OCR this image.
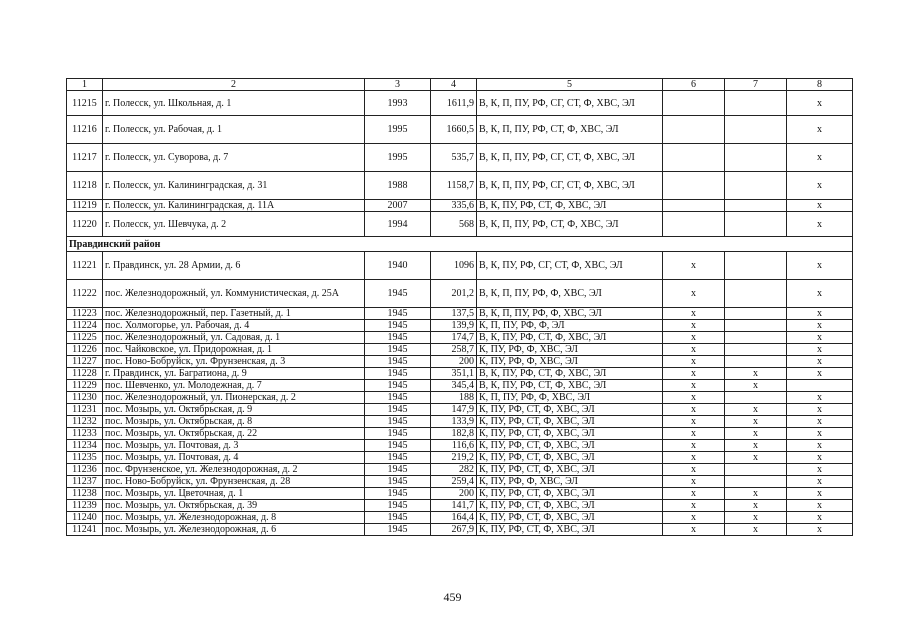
1	2	3	4	5	6	7	8
11215	г. Полесск, ул. Школьная, д. 1	1993	1611,9	В, К, П, ПУ, РФ, СГ, СТ, Ф, ХВС, ЭЛ			x
11216	г. Полесск, ул. Рабочая, д. 1	1995	1660,5	В, К, П, ПУ, РФ, СТ, Ф, ХВС, ЭЛ			x
11217	г. Полесск, ул. Суворова, д. 7	1995	535,7	В, К, П, ПУ, РФ, СГ, СТ, Ф, ХВС, ЭЛ			x
11218	г. Полесск, ул. Калининградская, д. 31	1988	1158,7	В, К, П, ПУ, РФ, СГ, СТ, Ф, ХВС, ЭЛ			x
11219	г. Полесск, ул. Калининградская, д. 11А	2007	335,6	В, К, ПУ, РФ, СТ, Ф, ХВС, ЭЛ			x
11220	г. Полесск, ул. Шевчука, д. 2	1994	568	В, К, П, ПУ, РФ, СТ, Ф, ХВС, ЭЛ			x
Правдинский район							
11221	г. Правдинск, ул. 28 Армии, д. 6	1940	1096	В, К, ПУ, РФ, СГ, СТ, Ф, ХВС, ЭЛ	x		x
11222	пос. Железнодорожный, ул. Коммунистическая, д. 25А	1945	201,2	В, К, П, ПУ, РФ, Ф, ХВС, ЭЛ	x		x
11223	пос. Железнодорожный, пер. Газетный, д. 1	1945	137,5	В, К, П, ПУ, РФ, Ф, ХВС, ЭЛ	x		x
11224	пос. Холмогорье, ул. Рабочая, д. 4	1945	139,9	К, П, ПУ, РФ, Ф, ЭЛ	x		x
11225	пос. Железнодорожный, ул. Садовая, д. 1	1945	174,7	В, К, ПУ, РФ, СТ, Ф, ХВС, ЭЛ	x		x
11226	пос. Чайковское, ул. Придорожная, д. 1	1945	258,7	К, ПУ, РФ, Ф, ХВС, ЭЛ	x		x
11227	пос. Ново-Бобруйск, ул. Фрунзенская, д. 3	1945	200	К, ПУ, РФ, Ф, ХВС, ЭЛ	x		x
11228	г. Правдинск, ул. Багратиона, д. 9	1945	351,1	В, К, ПУ, РФ, СТ, Ф, ХВС, ЭЛ	x	x	x
11229	пос. Шевченко, ул. Молодежная, д. 7	1945	345,4	В, К, ПУ, РФ, СТ, Ф, ХВС, ЭЛ	x	x	
11230	пос. Железнодорожный, ул. Пионерская, д. 2	1945	188	К, П, ПУ, РФ, Ф, ХВС, ЭЛ	x		x
11231	пос. Мозырь, ул. Октябрьская, д. 9	1945	147,9	К, ПУ, РФ, СТ, Ф, ХВС, ЭЛ	x	x	x
11232	пос. Мозырь, ул. Октябрьская, д. 8	1945	133,9	К, ПУ, РФ, СТ, Ф, ХВС, ЭЛ	x	x	x
11233	пос. Мозырь, ул. Октябрьская, д. 22	1945	182,8	К, ПУ, РФ, СТ, Ф, ХВС, ЭЛ	x	x	x
11234	пос. Мозырь, ул. Почтовая, д. 3	1945	116,6	К, ПУ, РФ, СТ, Ф, ХВС, ЭЛ	x	x	x
11235	пос. Мозырь, ул. Почтовая, д. 4	1945	219,2	К, ПУ, РФ, СТ, Ф, ХВС, ЭЛ	x	x	x
11236	пос. Фрунзенское, ул. Железнодорожная, д. 2	1945	282	К, ПУ, РФ, СТ, Ф, ХВС, ЭЛ	x		x
11237	пос. Ново-Бобруйск, ул. Фрунзенская, д. 28	1945	259,4	К, ПУ, РФ, Ф, ХВС, ЭЛ	x		x
11238	пос. Мозырь, ул. Цветочная, д. 1	1945	200	К, ПУ, РФ, СТ, Ф, ХВС, ЭЛ	x	x	x
11239	пос. Мозырь, ул. Октябрьская, д. 39	1945	141,7	К, ПУ, РФ, СТ, Ф, ХВС, ЭЛ	x	x	x
11240	пос. Мозырь, ул. Железнодорожная, д. 8	1945	164,4	К, ПУ, РФ, СТ, Ф, ХВС, ЭЛ	x	x	x
11241	пос. Мозырь, ул. Железнодорожная, д. 6	1945	267,9	К, ПУ, РФ, СТ, Ф, ХВС, ЭЛ	x	x	x
459
